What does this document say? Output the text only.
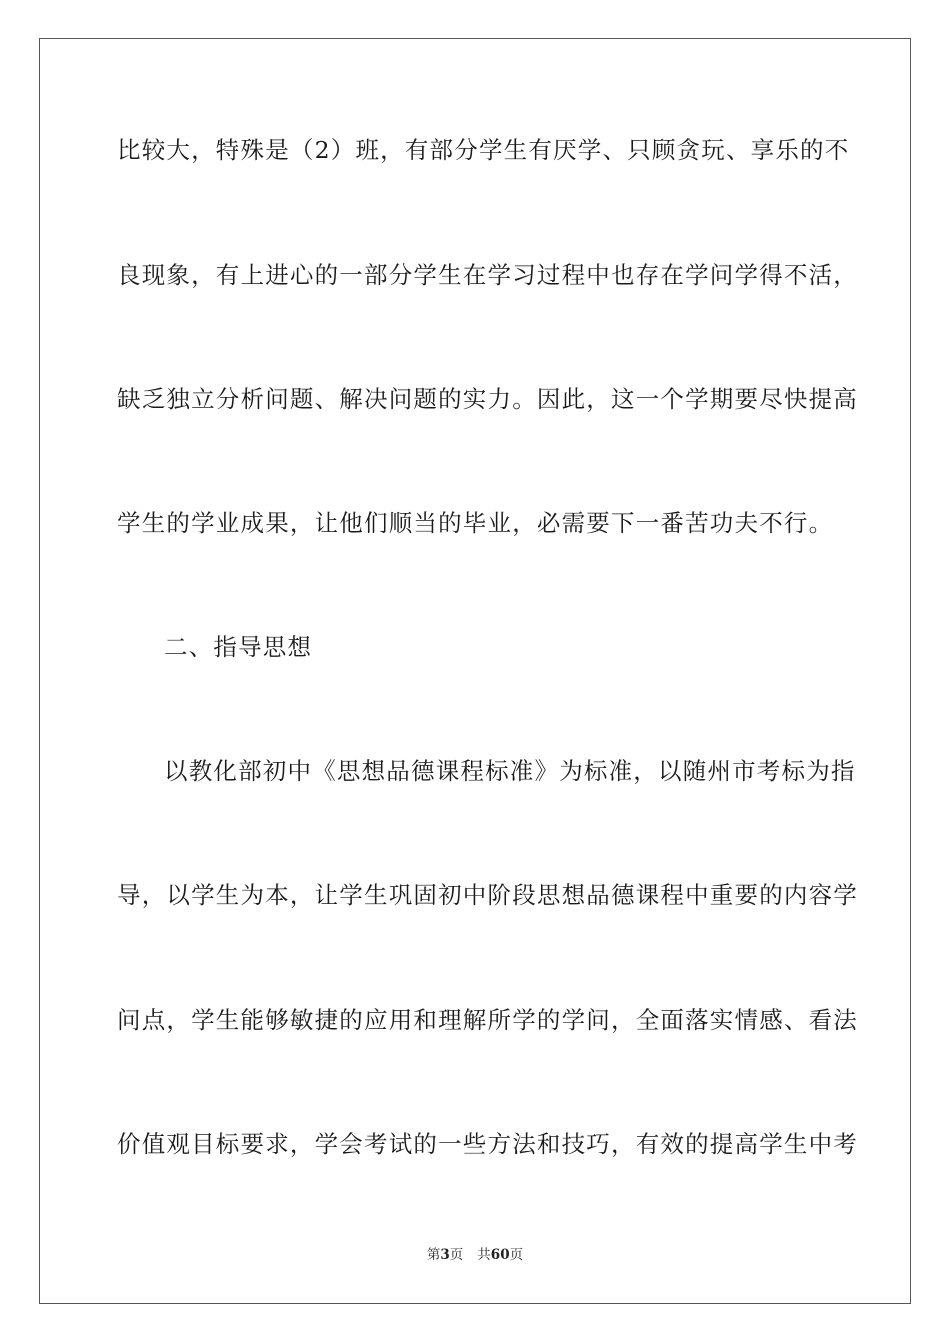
比较大，特殊是（2）班，有部分学生有厌学、只顾贪玩、享乐的不

良现象，有上进心的一部分学生在学习过程中也存在学问学得不活，

缺乏独立分析问题、解决问题的实力。因此，这一个学期要尽快提高

学生的学业成果，让他们顺当的毕业，必需要下一番苦功夫不行。

二、指导思想

以教化部初中《思想品德课程标准》为标准，以随州市考标为指

导，以学生为本，让学生巩固初中阶段思想品德课程中重要的内容学

问点，学生能够敏捷的应用和理解所学的学问，全面落实情感、看法

价值观目标要求，学会考试的一些方法和技巧，有效的提高学生中考

第3页 共60页
